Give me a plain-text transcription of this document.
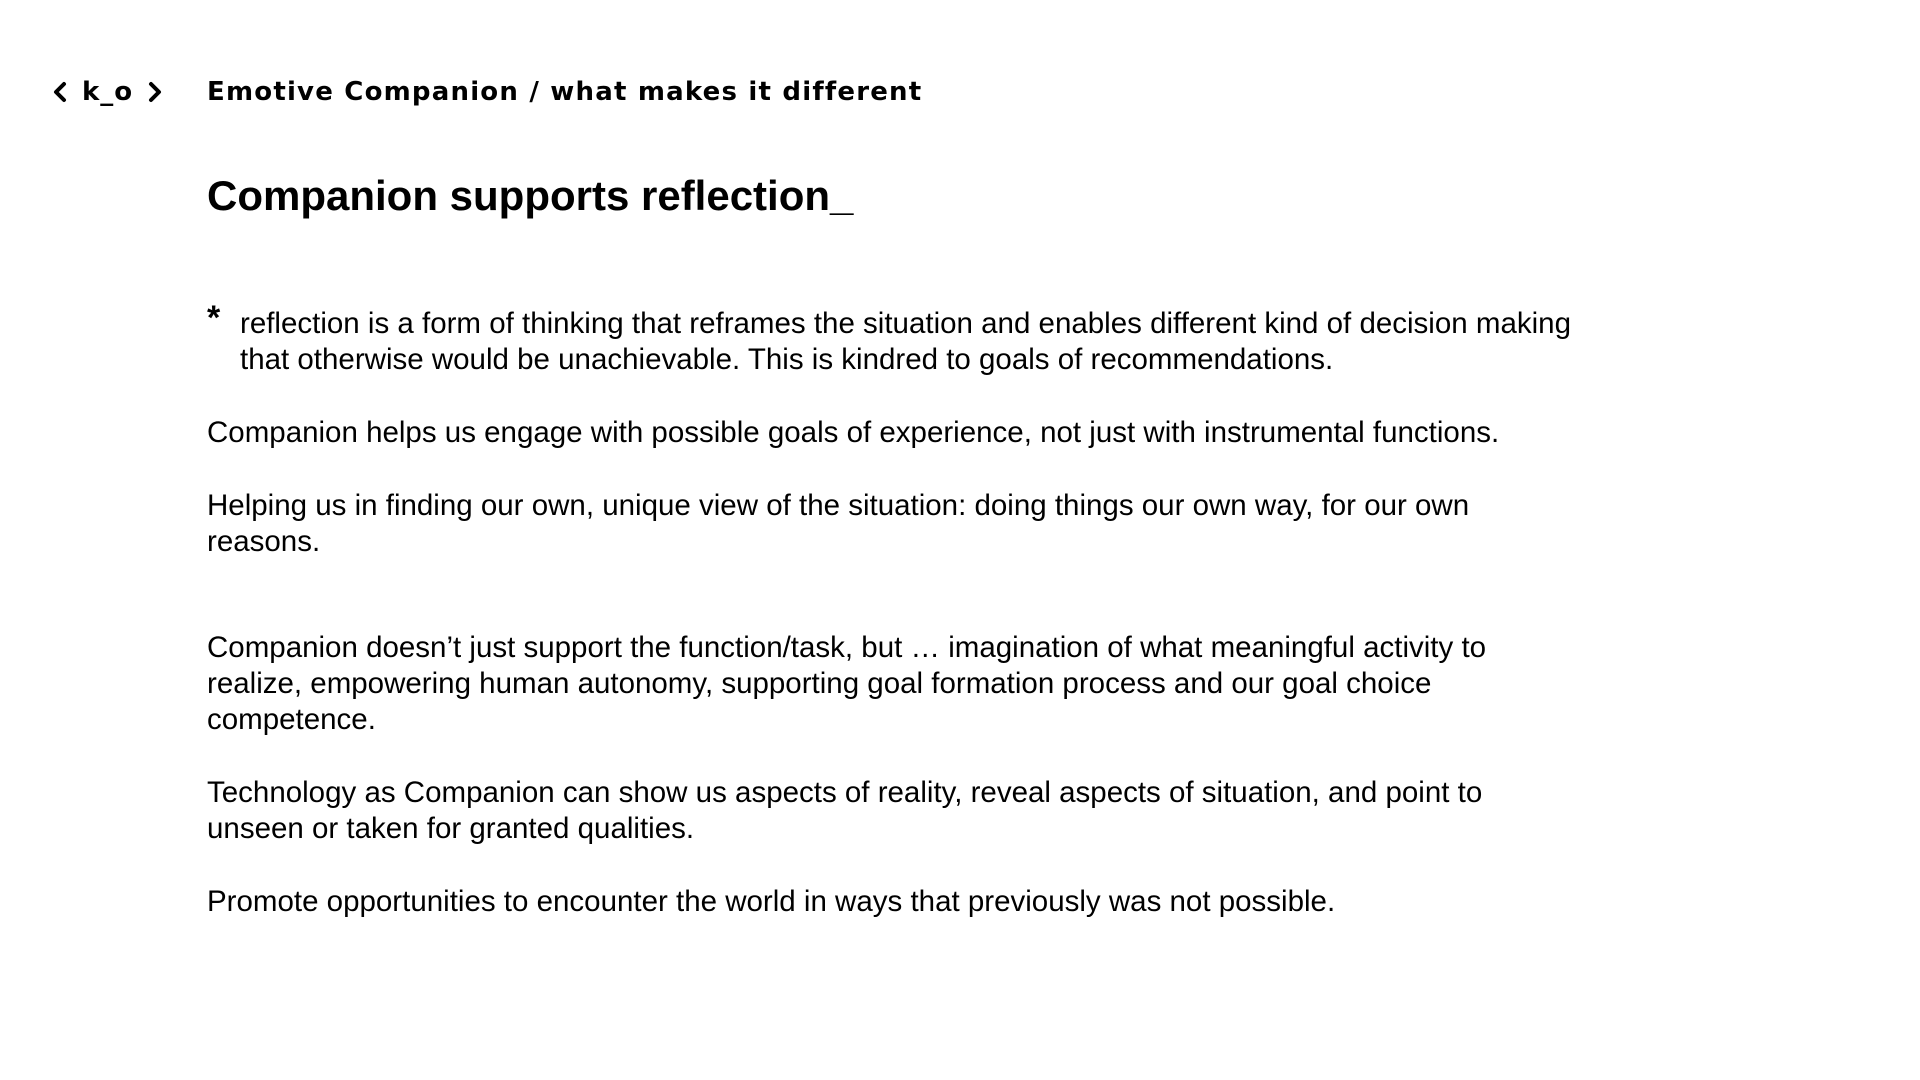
k_o	Emotive Companion / what makes it different
Companion supports reflection_

* reflection is a form of thinking that reframes the situation and enables different kind of decision making that otherwise would be unachievable. This is kindred to goals of recommendations.

Companion helps us engage with possible goals of experience, not just with instrumental functions.

Helping us in finding our own, unique view of the situation: doing things our own way, for our own reasons.

Companion doesn’t just support the function/task, but … imagination of what meaningful activity to realize, empowering human autonomy, supporting goal formation process and our goal choice competence.

Technology as Companion can show us aspects of reality, reveal aspects of situation, and point to unseen or taken for granted qualities.

Promote opportunities to encounter the world in ways that previously was not possible.
